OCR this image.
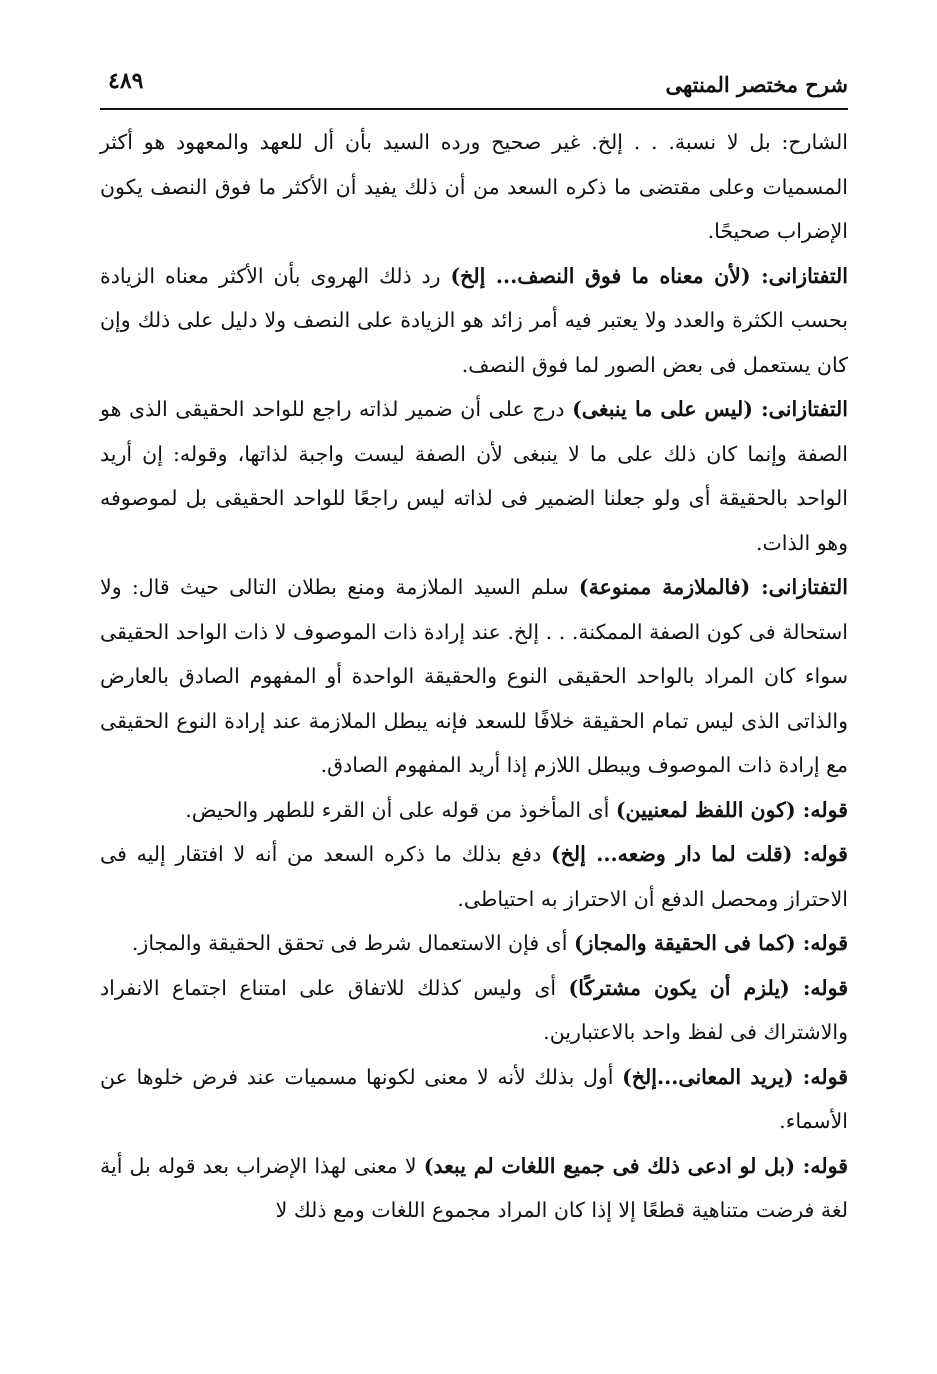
شرح مختصر المنتهى
٤٨٩

الشارح: بل لا نسبة. . . إلخ. غير صحيح ورده السيد بأن أل للعهد والمعهود هو أكثر المسميات وعلى مقتضى ما ذكره السعد من أن ذلك يفيد أن الأكثر ما فوق النصف يكون الإضراب صحيحًا.

التفتازانى: (لأن معناه ما فوق النصف... إلخ) رد ذلك الهروى بأن الأكثر معناه الزيادة بحسب الكثرة والعدد ولا يعتبر فيه أمر زائد هو الزيادة على النصف ولا دليل على ذلك وإن كان يستعمل فى بعض الصور لما فوق النصف.

التفتازانى: (ليس على ما ينبغى) درج على أن ضمير لذاته راجع للواحد الحقيقى الذى هو الصفة وإنما كان ذلك على ما لا ينبغى لأن الصفة ليست واجبة لذاتها، وقوله: إن أريد الواحد بالحقيقة أى ولو جعلنا الضمير فى لذاته ليس راجعًا للواحد الحقيقى بل لموصوفه وهو الذات.

التفتازانى: (فالملازمة ممنوعة) سلم السيد الملازمة ومنع بطلان التالى حيث قال: ولا استحالة فى كون الصفة الممكنة. . . إلخ. عند إرادة ذات الموصوف لا ذات الواحد الحقيقى سواء كان المراد بالواحد الحقيقى النوع والحقيقة الواحدة أو المفهوم الصادق بالعارض والذاتى الذى ليس تمام الحقيقة خلافًا للسعد فإنه يبطل الملازمة عند إرادة النوع الحقيقى مع إرادة ذات الموصوف ويبطل اللازم إذا أريد المفهوم الصادق.

قوله: (كون اللفظ لمعنيين) أى المأخوذ من قوله على أن القرء للطهر والحيض.

قوله: (قلت لما دار وضعه... إلخ) دفع بذلك ما ذكره السعد من أنه لا افتقار إليه فى الاحتراز ومحصل الدفع أن الاحتراز به احتياطى.

قوله: (كما فى الحقيقة والمجاز) أى فإن الاستعمال شرط فى تحقق الحقيقة والمجاز.

قوله: (يلزم أن يكون مشتركًا) أى وليس كذلك للاتفاق على امتناع اجتماع الانفراد والاشتراك فى لفظ واحد بالاعتبارين.

قوله: (يريد المعانى...إلخ) أول بذلك لأنه لا معنى لكونها مسميات عند فرض خلوها عن الأسماء.

قوله: (بل لو ادعى ذلك فى جميع اللغات لم يبعد) لا معنى لهذا الإضراب بعد قوله بل أية لغة فرضت متناهية قطعًا إلا إذا كان المراد مجموع اللغات ومع ذلك لا
